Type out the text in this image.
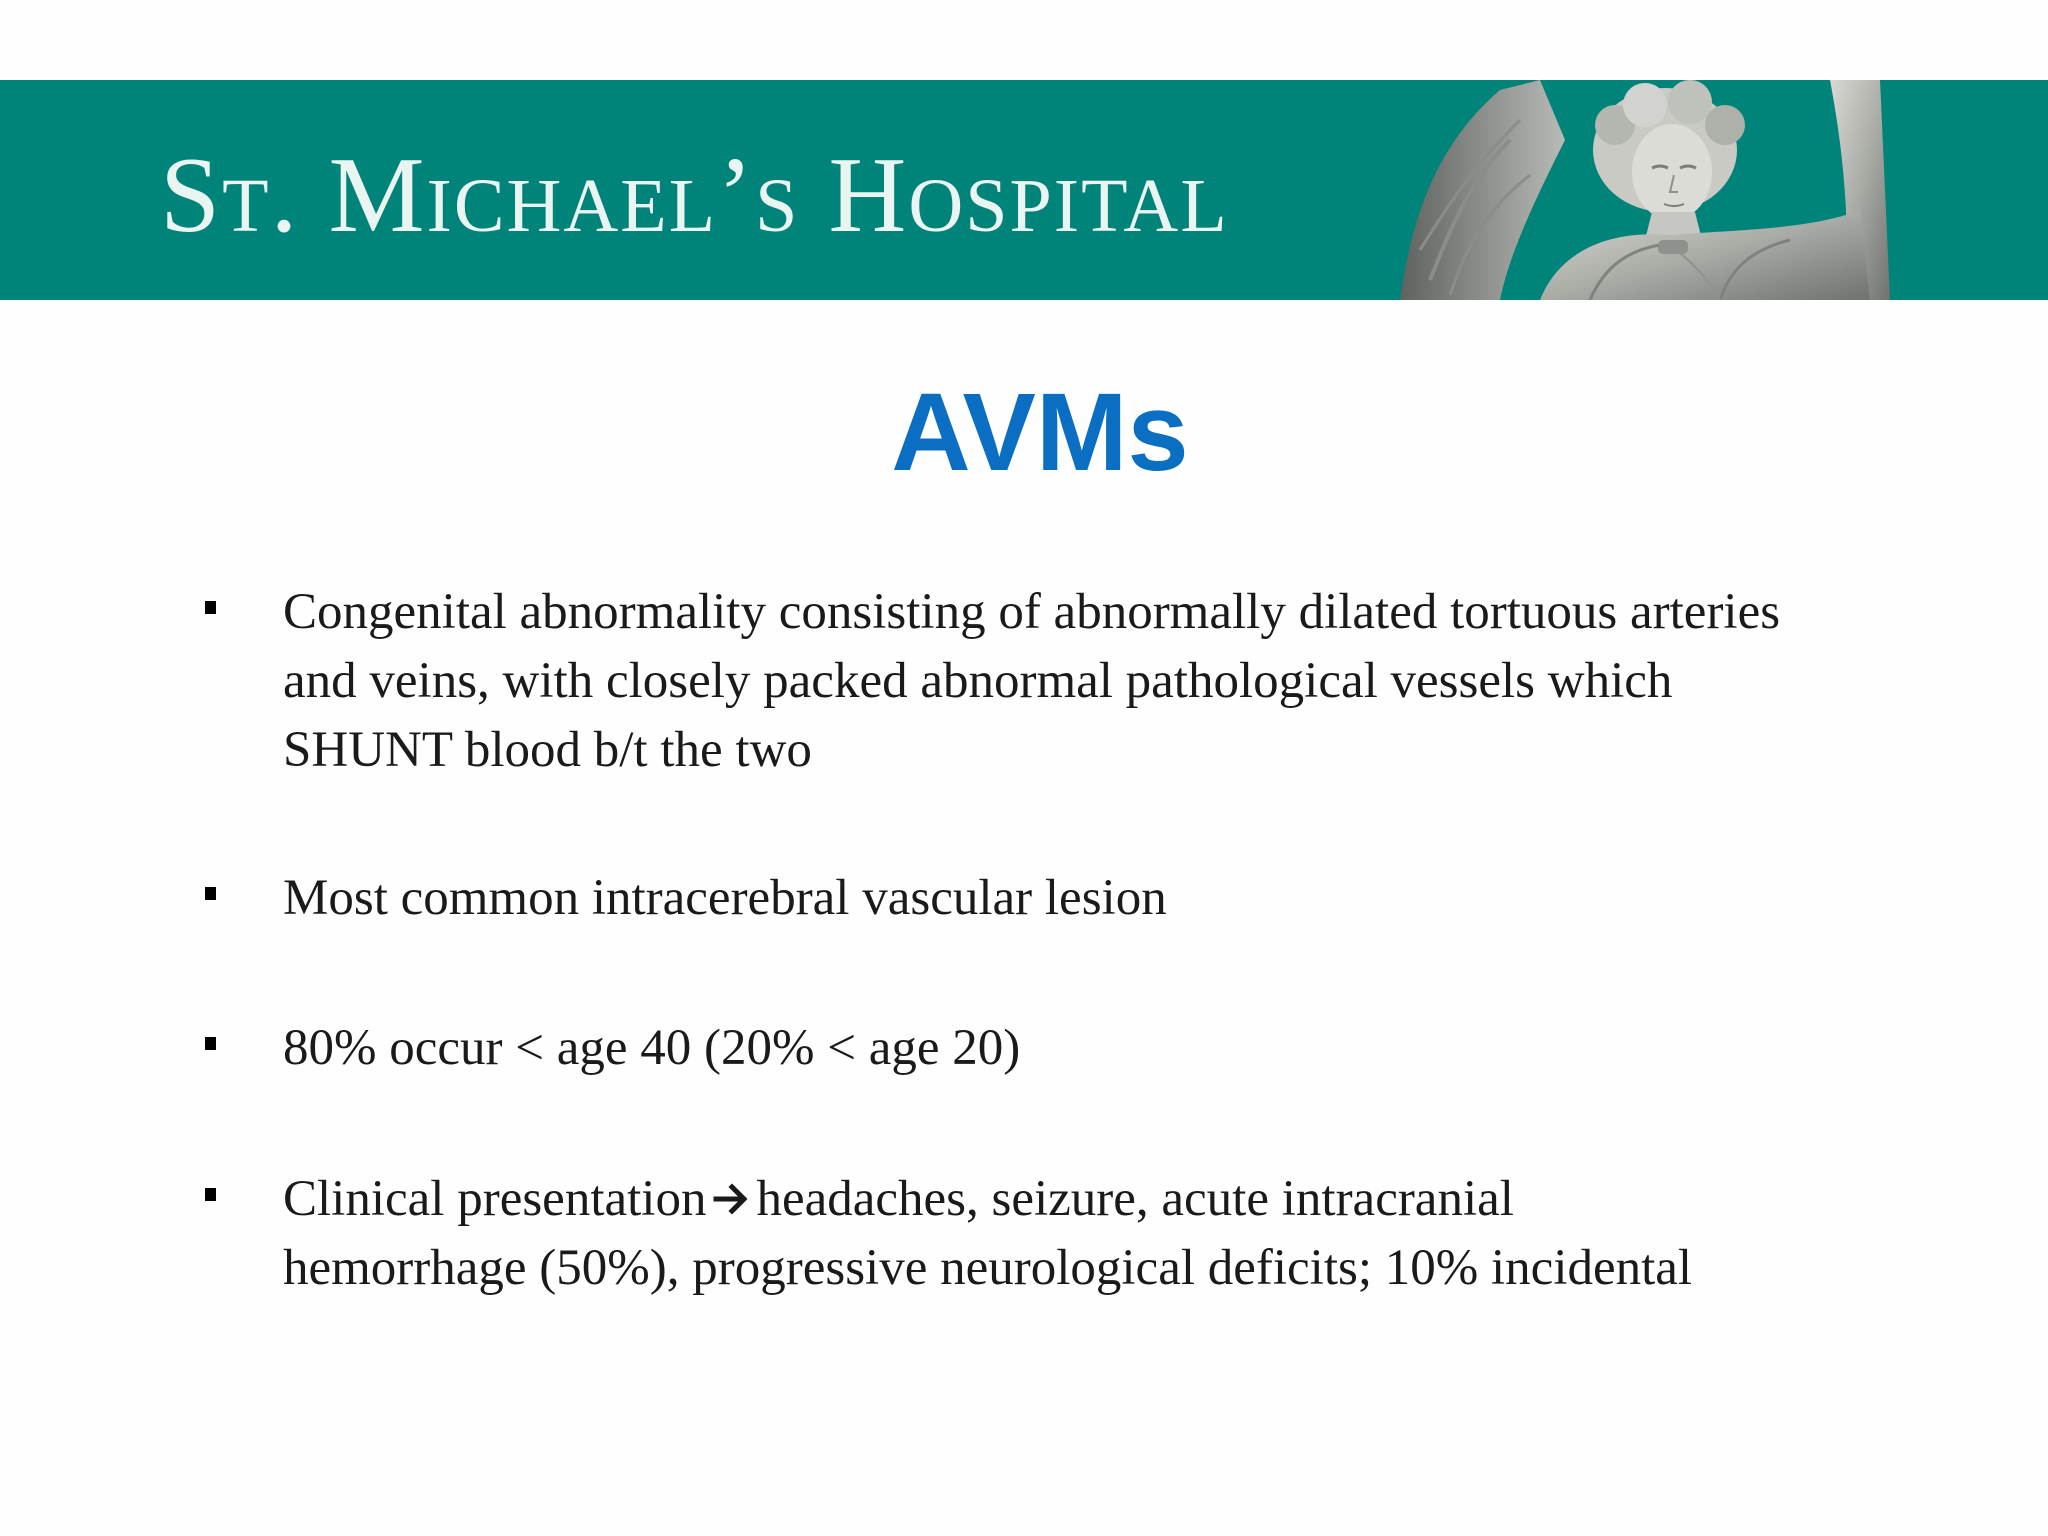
St. Michael’s Hospital
AVMs
Congenital abnormality consisting of abnormally dilated tortuous arteries
and veins, with closely packed abnormal pathological vessels which
SHUNT blood b/t the two
Most common intracerebral vascular lesion
80% occur < age 40 (20% < age 20)
Clinical presentation headaches, seizure, acute intracranial
hemorrhage (50%), progressive neurological deficits; 10% incidental
